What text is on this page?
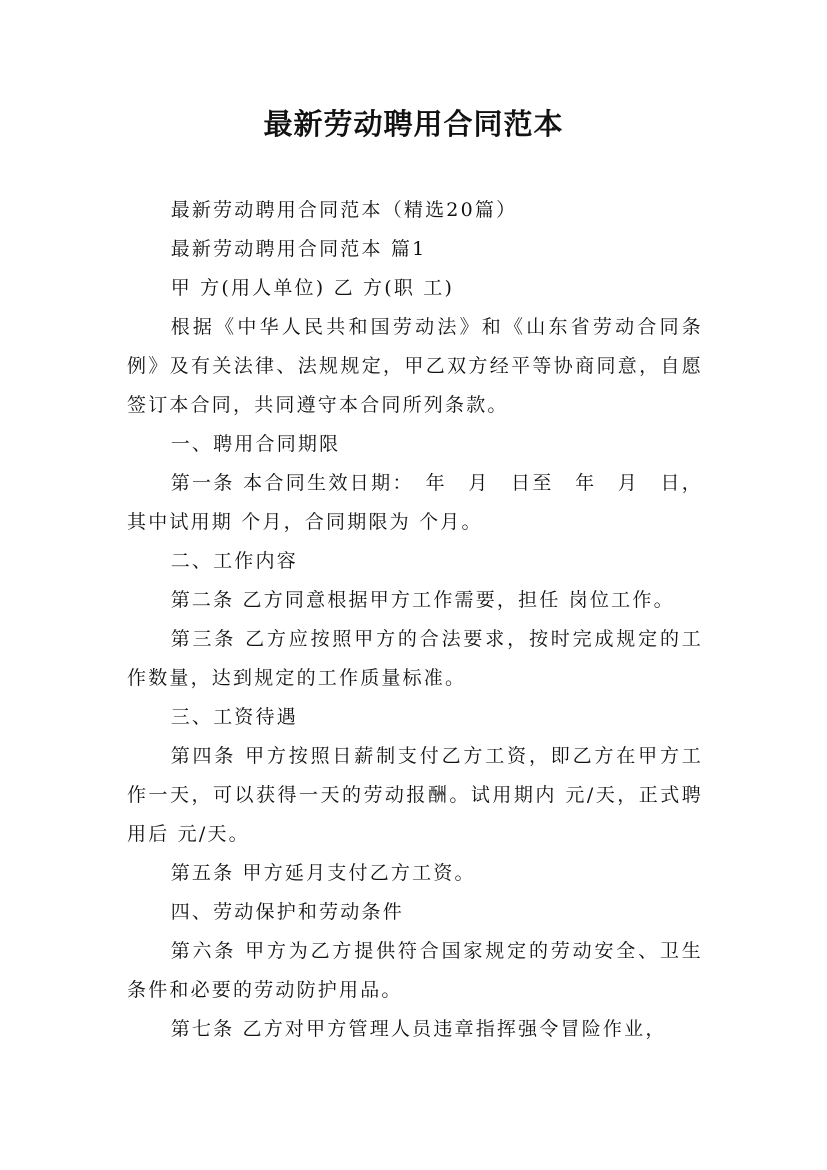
最新劳动聘用合同范本

最新劳动聘用合同范本（精选20篇）

最新劳动聘用合同范本 篇1

甲 方(用人单位) 乙 方(职 工)

根据《中华人民共和国劳动法》和《山东省劳动合同条例》及有关法律、法规规定，甲乙双方经平等协商同意，自愿签订本合同，共同遵守本合同所列条款。

一、聘用合同期限

第一条 本合同生效日期：　年　月　日至　年　月　日，其中试用期 个月，合同期限为 个月。

二、工作内容

第二条 乙方同意根据甲方工作需要，担任 岗位工作。

第三条 乙方应按照甲方的合法要求，按时完成规定的工作数量，达到规定的工作质量标准。

三、工资待遇

第四条 甲方按照日薪制支付乙方工资，即乙方在甲方工作一天，可以获得一天的劳动报酬。试用期内 元/天，正式聘用后 元/天。

第五条 甲方延月支付乙方工资。

四、劳动保护和劳动条件

第六条 甲方为乙方提供符合国家规定的劳动安全、卫生条件和必要的劳动防护用品。

第七条 乙方对甲方管理人员违章指挥强令冒险作业，
